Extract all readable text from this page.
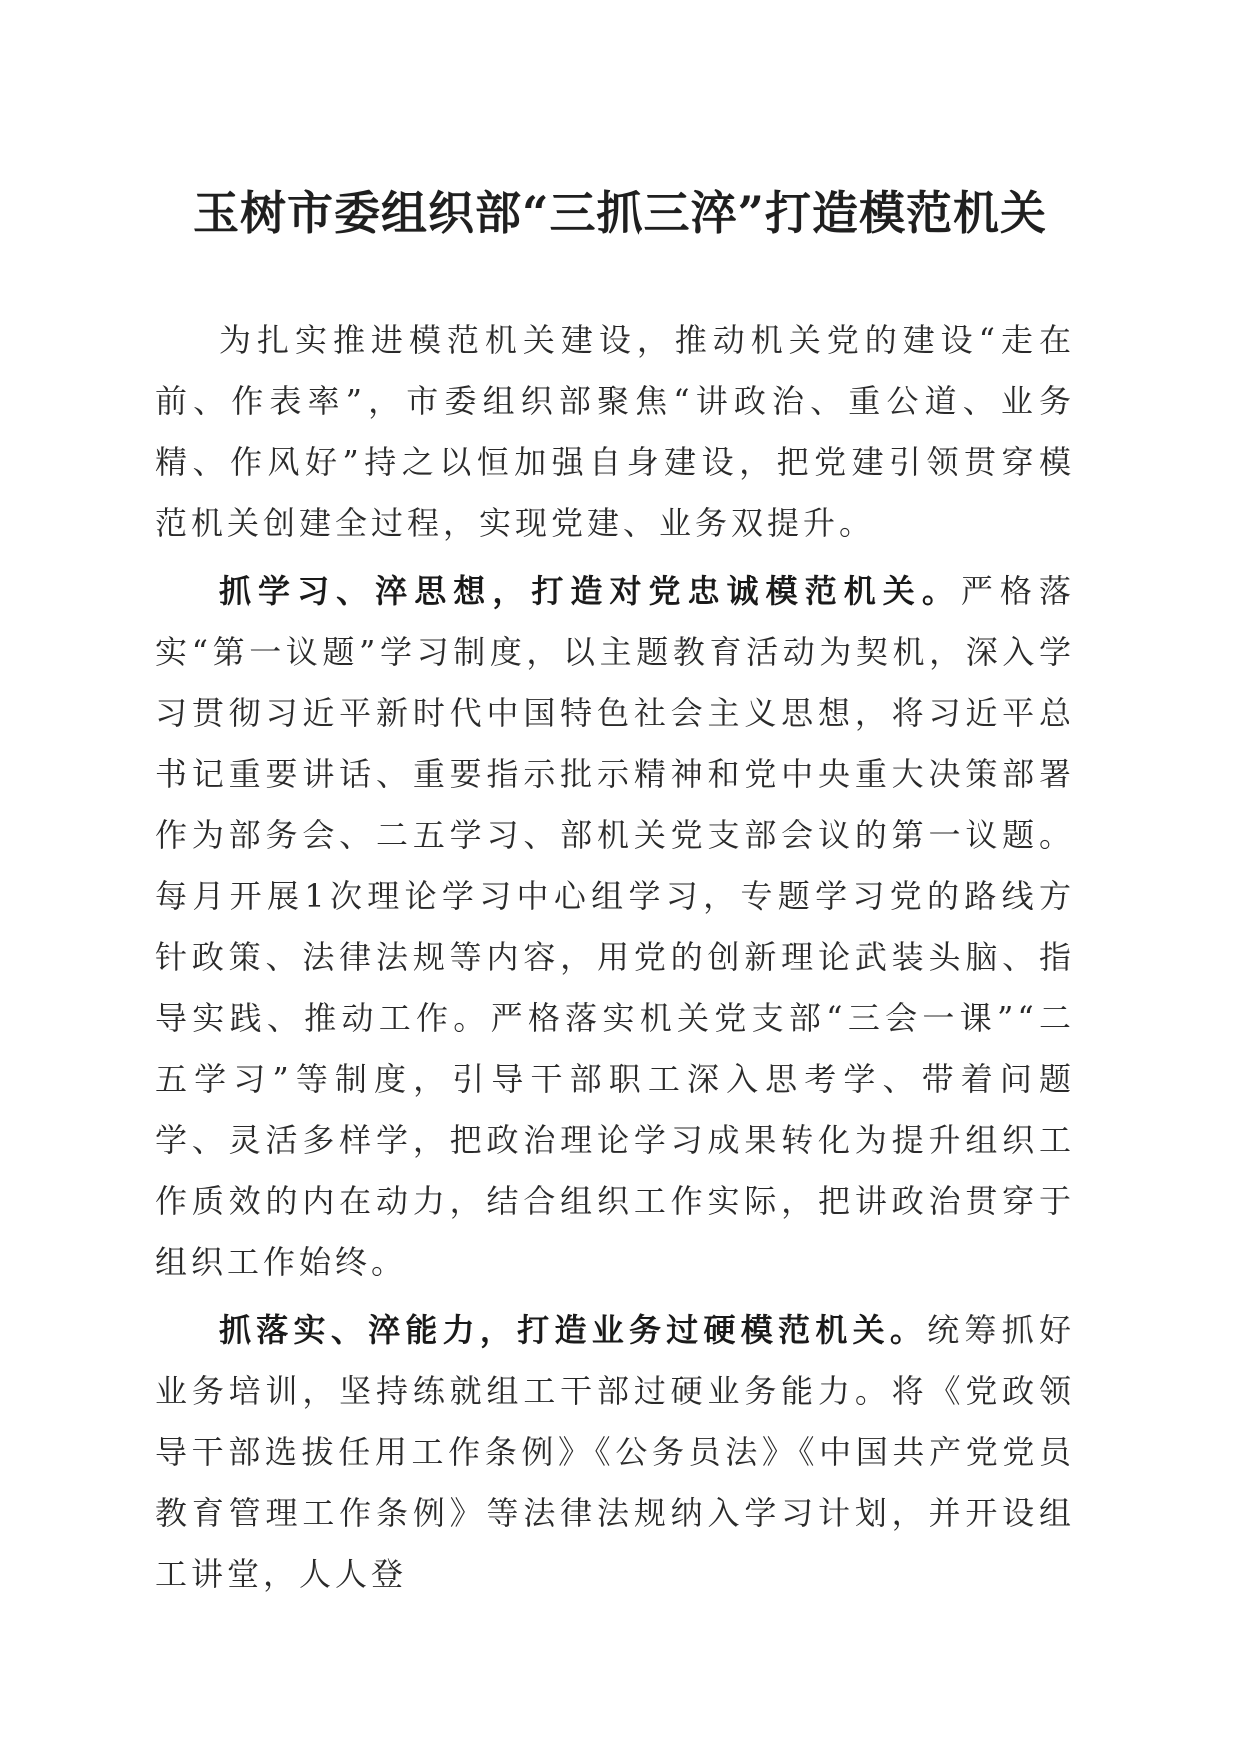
玉树市委组织部“三抓三淬”打造模范机关

为扎实推进模范机关建设，推动机关党的建设“走在前、作表率”，市委组织部聚焦“讲政治、重公道、业务精、作风好”持之以恒加强自身建设，把党建引领贯穿模范机关创建全过程，实现党建、业务双提升。

抓学习、淬思想，打造对党忠诚模范机关。严格落实“第一议题”学习制度，以主题教育活动为契机，深入学习贯彻习近平新时代中国特色社会主义思想，将习近平总书记重要讲话、重要指示批示精神和党中央重大决策部署作为部务会、二五学习、部机关党支部会议的第一议题。每月开展1次理论学习中心组学习，专题学习党的路线方针政策、法律法规等内容，用党的创新理论武装头脑、指导实践、推动工作。严格落实机关党支部“三会一课”“二五学习”等制度，引导干部职工深入思考学、带着问题学、灵活多样学，把政治理论学习成果转化为提升组织工作质效的内在动力，结合组织工作实际，把讲政治贯穿于组织工作始终。

抓落实、淬能力，打造业务过硬模范机关。统筹抓好业务培训，坚持练就组工干部过硬业务能力。将《党政领导干部选拔任用工作条例》《公务员法》《中国共产党党员教育管理工作条例》等法律法规纳入学习计划，并开设组工讲堂，人人登
